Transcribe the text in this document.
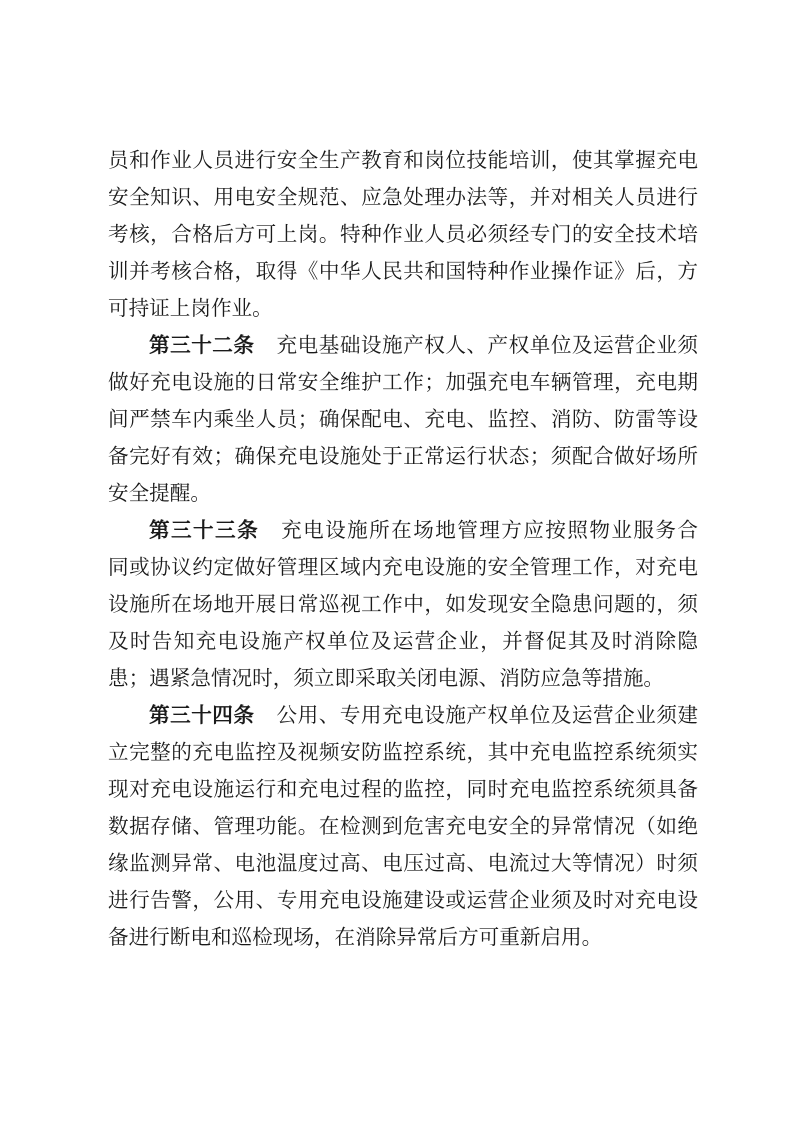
员和作业人员进行安全生产教育和岗位技能培训，使其掌握充电
安全知识、用电安全规范、应急处理办法等，并对相关人员进行
考核，合格后方可上岗。特种作业人员必须经专门的安全技术培
训并考核合格，取得《中华人民共和国特种作业操作证》后，方
可持证上岗作业。
第三十二条 充电基础设施产权人、产权单位及运营企业须
做好充电设施的日常安全维护工作；加强充电车辆管理，充电期
间严禁车内乘坐人员；确保配电、充电、监控、消防、防雷等设
备完好有效；确保充电设施处于正常运行状态；须配合做好场所
安全提醒。
第三十三条 充电设施所在场地管理方应按照物业服务合
同或协议约定做好管理区域内充电设施的安全管理工作，对充电
设施所在场地开展日常巡视工作中，如发现安全隐患问题的，须
及时告知充电设施产权单位及运营企业，并督促其及时消除隐
患；遇紧急情况时，须立即采取关闭电源、消防应急等措施。
第三十四条 公用、专用充电设施产权单位及运营企业须建
立完整的充电监控及视频安防监控系统，其中充电监控系统须实
现对充电设施运行和充电过程的监控，同时充电监控系统须具备
数据存储、管理功能。在检测到危害充电安全的异常情况（如绝
缘监测异常、电池温度过高、电压过高、电流过大等情况）时须
进行告警，公用、专用充电设施建设或运营企业须及时对充电设
备进行断电和巡检现场，在消除异常后方可重新启用。
